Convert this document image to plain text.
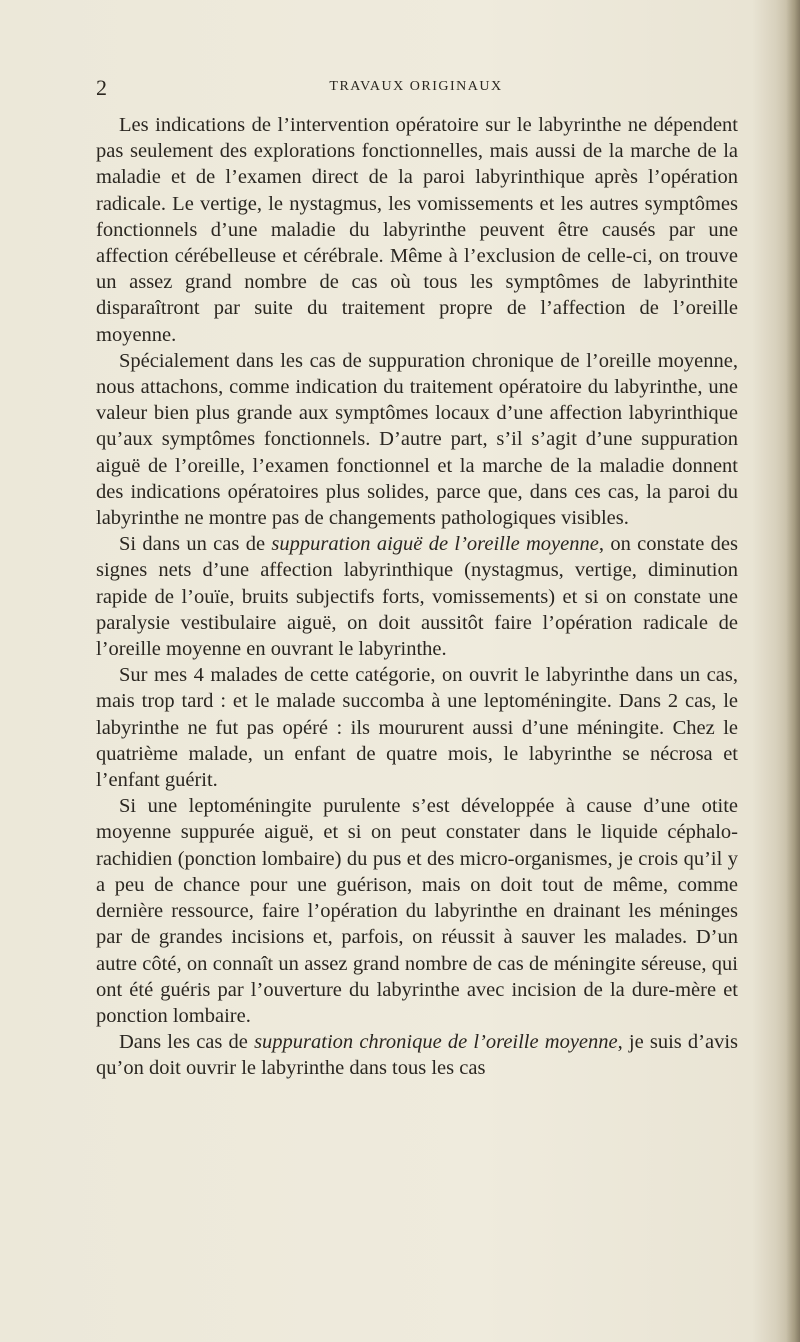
2	TRAVAUX ORIGINAUX

Les indications de l’intervention opératoire sur le labyrinthe ne dépendent pas seulement des explorations fonctionnelles, mais aussi de la marche de la maladie et de l’examen direct de la paroi labyrinthique après l’opération radicale. Le vertige, le nystagmus, les vomissements et les autres symptômes fonctionnels d’une maladie du labyrinthe peuvent être causés par une affection cérébelleuse et cérébrale. Même à l’exclusion de celle-ci, on trouve un assez grand nombre de cas où tous les symptômes de labyrinthite disparaîtront par suite du traitement propre de l’affection de l’oreille moyenne.

Spécialement dans les cas de suppuration chronique de l’oreille moyenne, nous attachons, comme indication du traitement opératoire du labyrinthe, une valeur bien plus grande aux symptômes locaux d’une affection labyrinthique qu’aux symptômes fonctionnels. D’autre part, s’il s’agit d’une suppuration aiguë de l’oreille, l’examen fonctionnel et la marche de la maladie donnent des indications opératoires plus solides, parce que, dans ces cas, la paroi du labyrinthe ne montre pas de changements pathologiques visibles.

Si dans un cas de suppuration aiguë de l’oreille moyenne, on constate des signes nets d’une affection labyrinthique (nystagmus, vertige, diminution rapide de l’ouïe, bruits subjectifs forts, vomissements) et si on constate une paralysie vestibulaire aiguë, on doit aussitôt faire l’opération radicale de l’oreille moyenne en ouvrant le labyrinthe.

Sur mes 4 malades de cette catégorie, on ouvrit le labyrinthe dans un cas, mais trop tard : et le malade succomba à une leptoméningite. Dans 2 cas, le labyrinthe ne fut pas opéré : ils moururent aussi d’une méningite. Chez le quatrième malade, un enfant de quatre mois, le labyrinthe se nécrosa et l’enfant guérit.

Si une leptoméningite purulente s’est développée à cause d’une otite moyenne suppurée aiguë, et si on peut constater dans le liquide céphalo-rachidien (ponction lombaire) du pus et des micro-organismes, je crois qu’il y a peu de chance pour une guérison, mais on doit tout de même, comme dernière ressource, faire l’opération du labyrinthe en drainant les méninges par de grandes incisions et, parfois, on réussit à sauver les malades. D’un autre côté, on connaît un assez grand nombre de cas de méningite séreuse, qui ont été guéris par l’ouverture du labyrinthe avec incision de la dure-mère et ponction lombaire.

Dans les cas de suppuration chronique de l’oreille moyenne, je suis d’avis qu’on doit ouvrir le labyrinthe dans tous les cas
